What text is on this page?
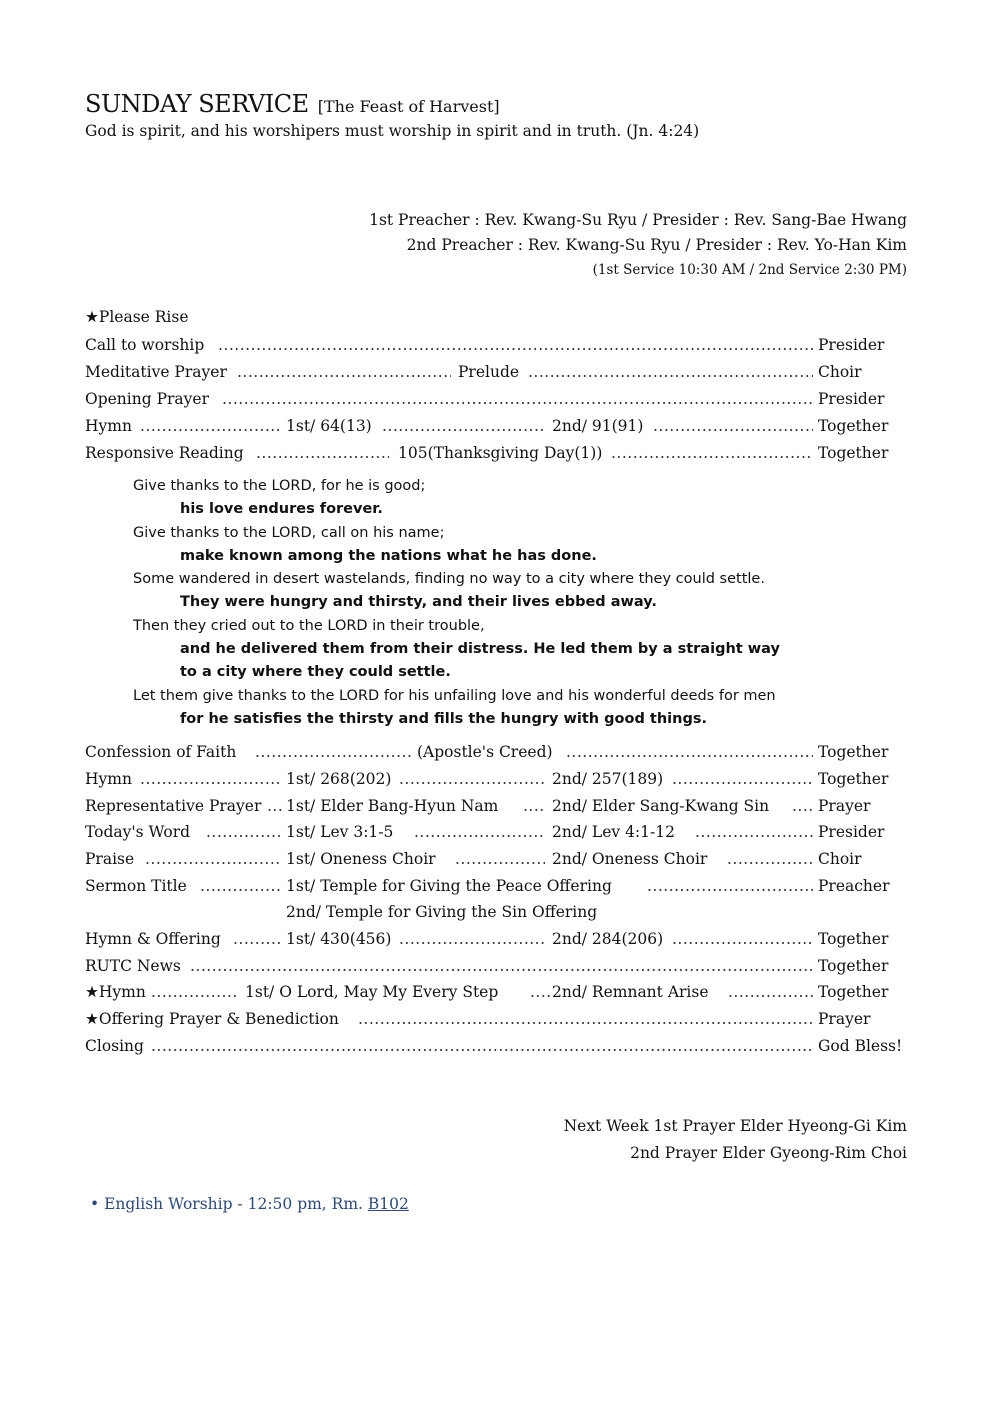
SUNDAY SERVICE [The Feast of Harvest]
God is spirit, and his worshipers must worship in spirit and in truth. (Jn. 4:24)
1st Preacher : Rev. Kwang-Su Ryu / Presider : Rev. Sang-Bae Hwang
2nd Preacher : Rev. Kwang-Su Ryu / Presider : Rev. Yo-Han Kim
(1st Service 10:30 AM / 2nd Service 2:30 PM)
★Please Rise
Call to worship .....	Presider
Meditative Prayer .....	Prelude .....	Choir
Opening Prayer .....	Presider
Hymn .....	1st/ 64(13) .....	2nd/ 91(91) .....	Together
Responsive Reading .....	105(Thanksgiving Day(1)) .....	Together
Give thanks to the LORD, for he is good;
his love endures forever.
Give thanks to the LORD, call on his name;
make known among the nations what he has done.
Some wandered in desert wastelands, finding no way to a city where they could settle.
They were hungry and thirsty, and their lives ebbed away.
Then they cried out to the LORD in their trouble,
and he delivered them from their distress. He led them by a straight way
to a city where they could settle.
Let them give thanks to the LORD for his unfailing love and his wonderful deeds for men
for he satisfies the thirsty and fills the hungry with good things.
Confession of Faith .....	(Apostle's Creed) .....	Together
Hymn .....	1st/ 268(202) .....	2nd/ 257(189) .....	Together
Representative Prayer ..... 1st/ Elder Bang-Hyun Nam .....	2nd/ Elder Sang-Kwang Sin .....	Prayer
Today's Word .....	1st/ Lev 3:1-5 .....	2nd/ Lev 4:1-12 .....	Presider
Praise .....	1st/ Oneness Choir .....	2nd/ Oneness Choir .....	Choir
Sermon Title .....	1st/ Temple for Giving the Peace Offering .....	Preacher
2nd/ Temple for Giving the Sin Offering
Hymn & Offering .....	1st/ 430(456) .....	2nd/ 284(206) .....	Together
RUTC News .....	Together
★Hymn .....	1st/ O Lord, May My Every Step .....	2nd/ Remnant Arise .....	Together
★Offering Prayer & Benediction .....	Prayer
Closing .....	God Bless!
Next Week 1st Prayer Elder Hyeong-Gi Kim
2nd Prayer Elder Gyeong-Rim Choi
• English Worship - 12:50 pm, Rm. B102
